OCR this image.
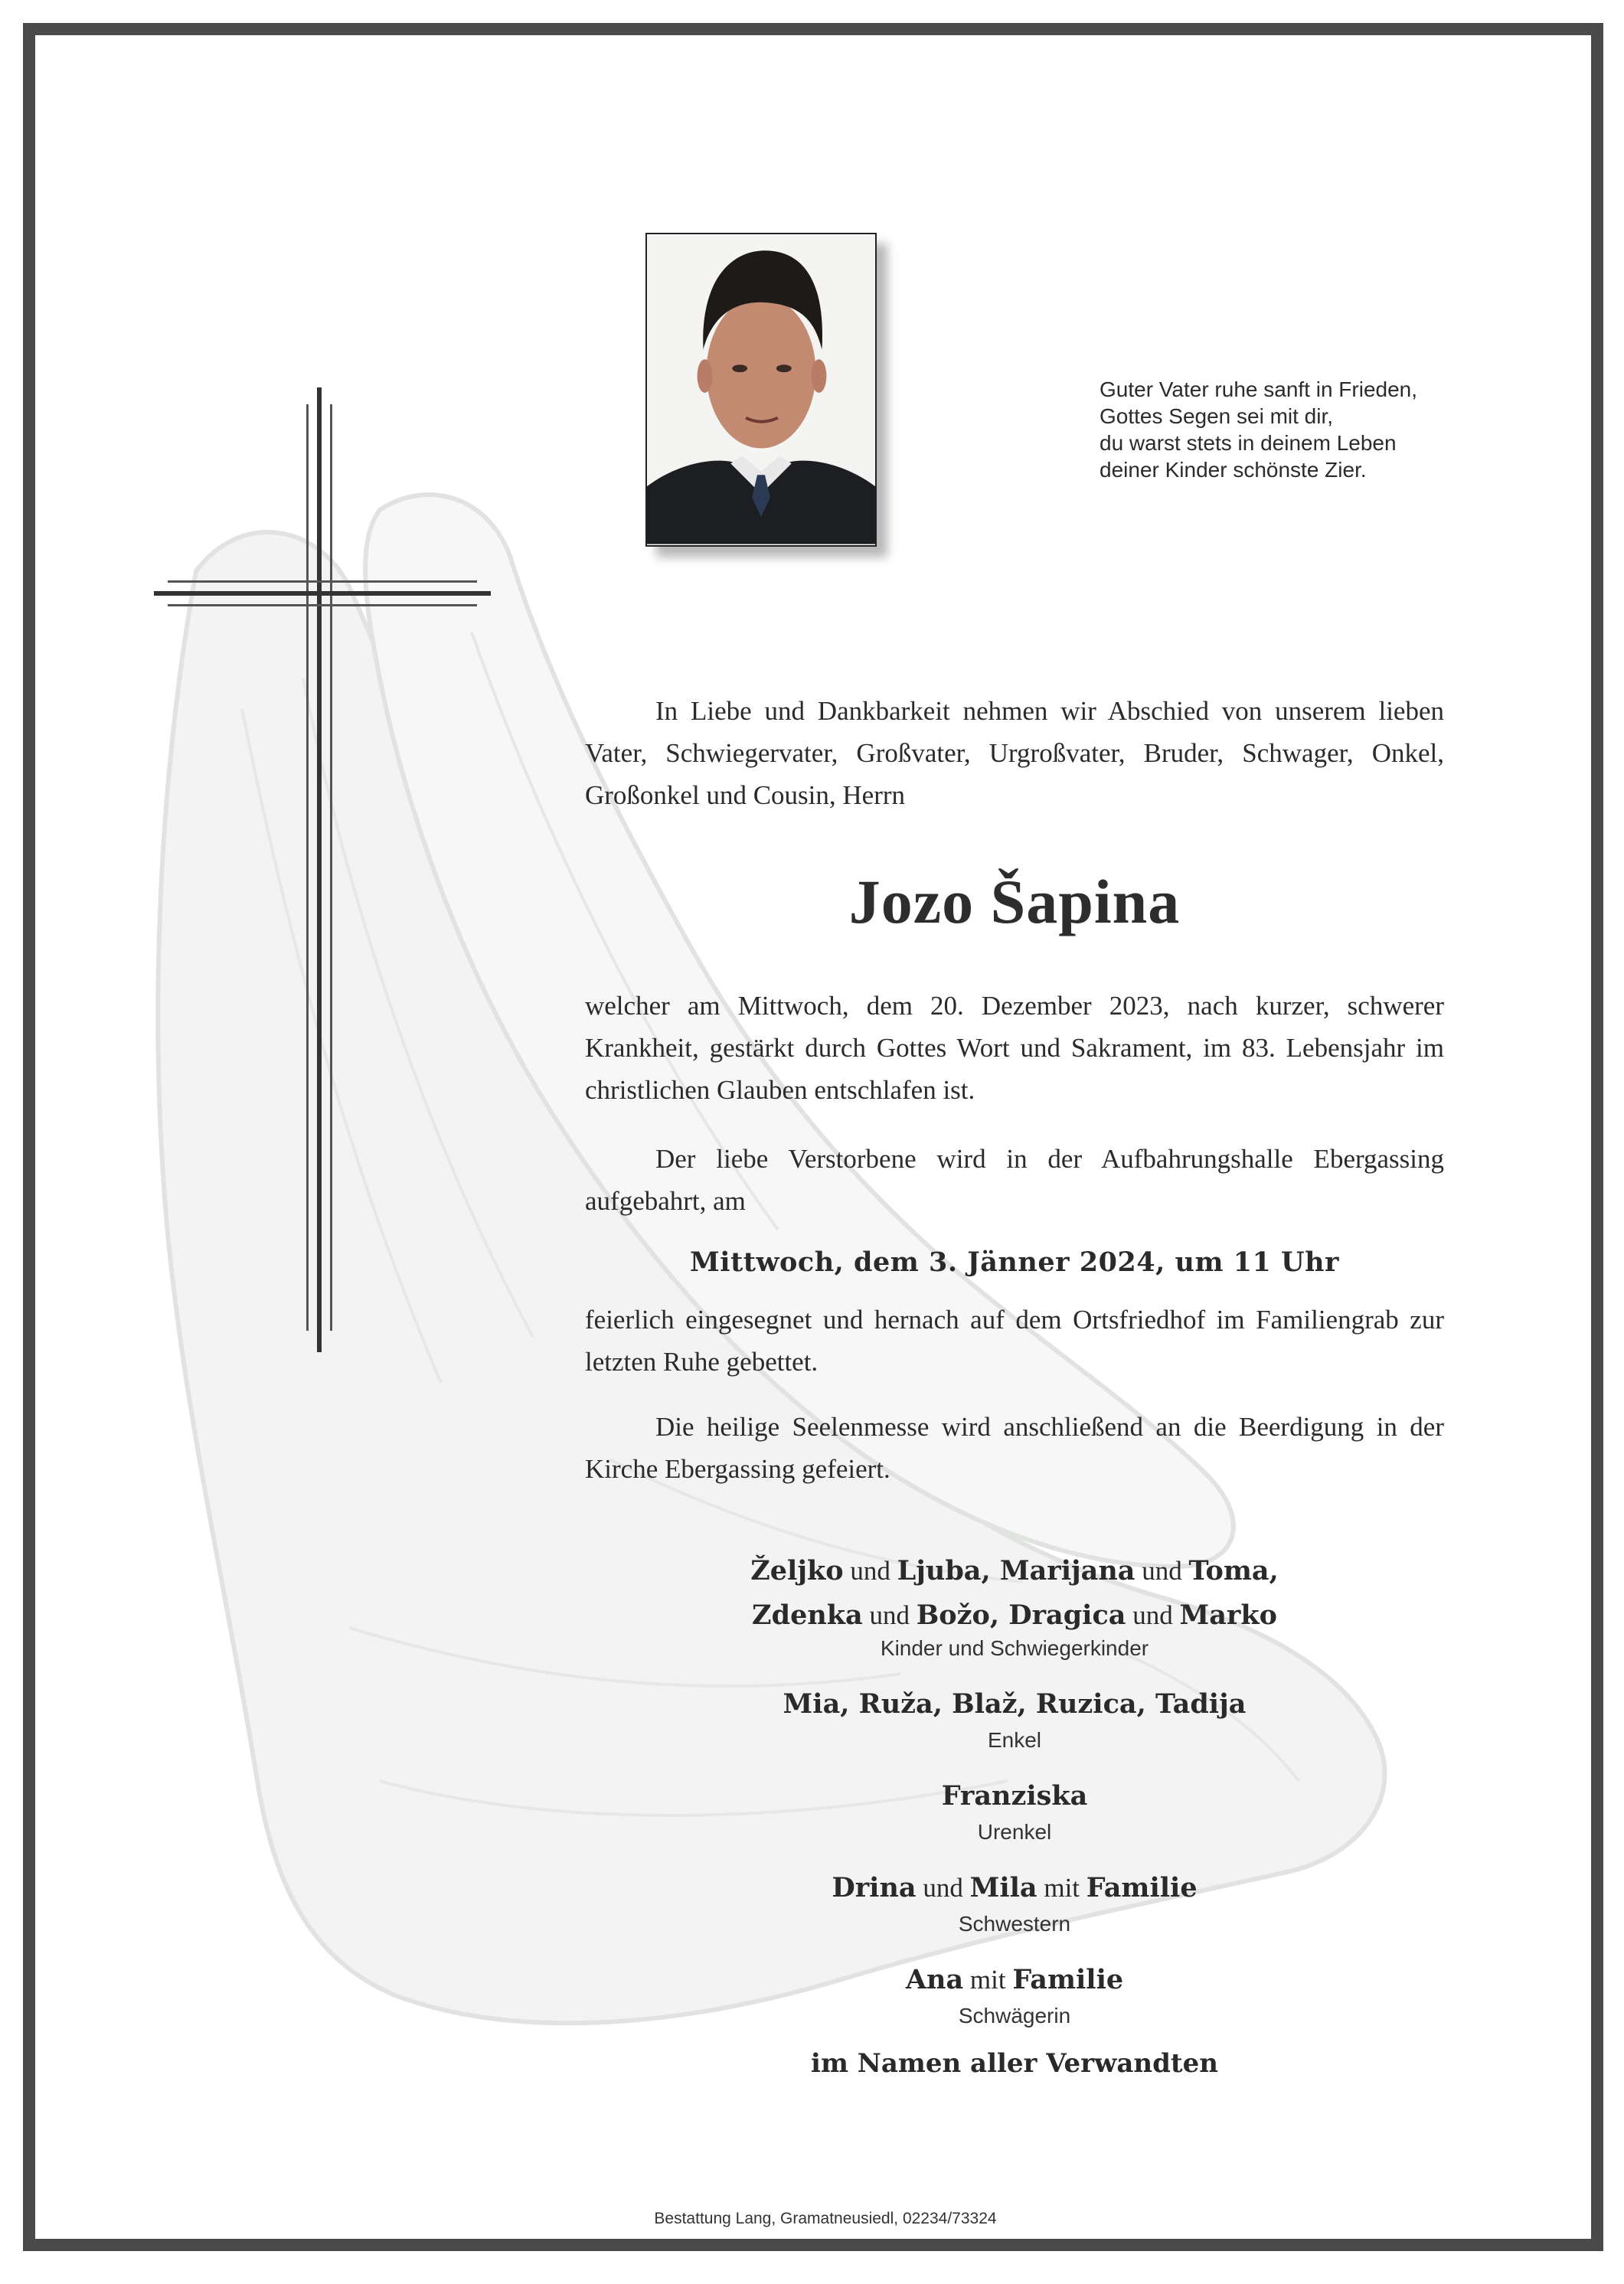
Guter Vater ruhe sanft in Frieden,
Gottes Segen sei mit dir,
du warst stets in deinem Leben
deiner Kinder schönste Zier.
In Liebe und Dankbarkeit nehmen wir Abschied von unserem lieben Vater, Schwiegervater, Großvater, Urgroßvater, Bruder, Schwager, Onkel, Großonkel und Cousin, Herrn
Jozo Šapina
welcher am Mittwoch, dem 20. Dezember 2023, nach kurzer, schwerer Krankheit, gestärkt durch Gottes Wort und Sakrament, im 83. Lebensjahr im christlichen Glauben entschlafen ist.
Der liebe Verstorbene wird in der Aufbahrungshalle Ebergassing aufgebahrt, am
Mittwoch, dem 3. Jänner 2024, um 11 Uhr
feierlich eingesegnet und hernach auf dem Ortsfriedhof im Familiengrab zur letzten Ruhe gebettet.
Die heilige Seelenmesse wird anschließend an die Beerdigung in der Kirche Ebergassing gefeiert.
Željko und Ljuba, Marijana und Toma,
Zdenka und Božo, Dragica und Marko
Kinder und Schwiegerkinder
Mia, Ruža, Blaž, Ruzica, Tadija
Enkel
Franziska
Urenkel
Drina und Mila mit Familie
Schwestern
Ana mit Familie
Schwägerin
im Namen aller Verwandten
Bestattung Lang, Gramatneusiedl, 02234/73324
